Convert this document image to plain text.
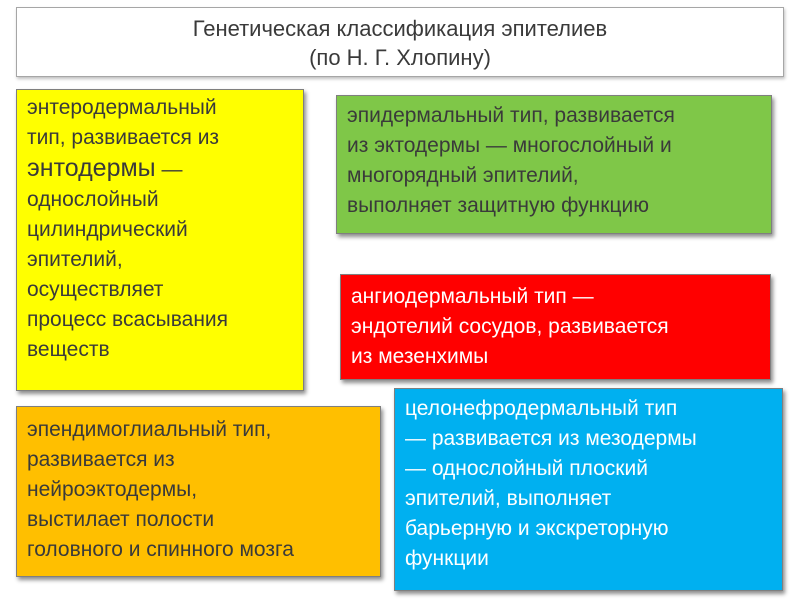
Генетическая классификация эпителиев
(по Н. Г. Хлопину)
энтеродермальный
тип, развивается из
энтодермы —
однослойный
цилиндрический
эпителий,
осуществляет
процесс всасывания
веществ
эпидермальный тип, развивается
из эктодермы — многослойный и
многорядный эпителий,
выполняет защитную функцию
ангиодермальный тип —
эндотелий сосудов, развивается
из мезенхимы
эпендимоглиальный тип,
развивается из
нейроэктодермы,
выстилает полости
головного и спинного мозга
целонефродермальный тип
— развивается из мезодермы
— однослойный плоский
эпителий, выполняет
барьерную и экскреторную
функции
